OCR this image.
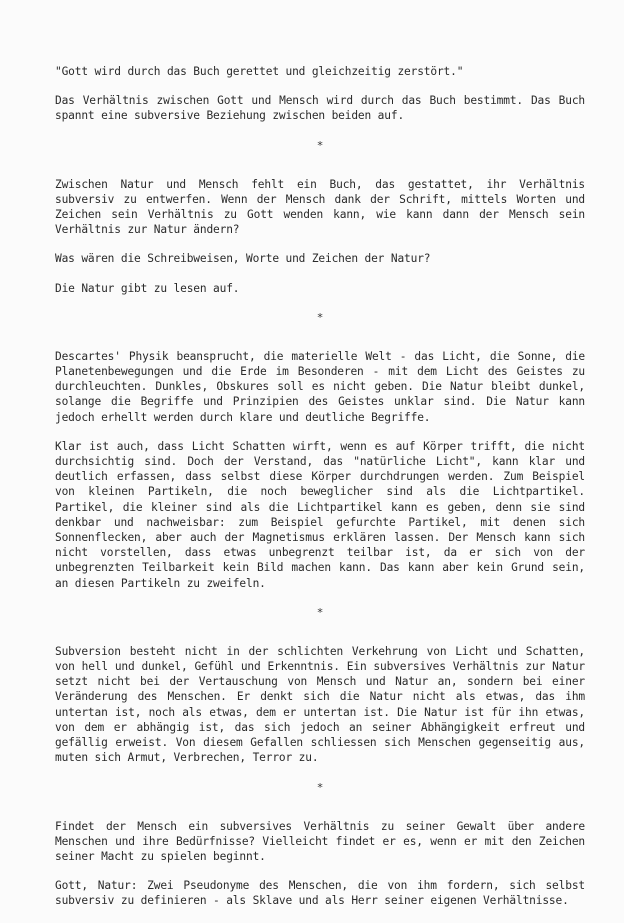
"Gott wird durch das Buch gerettet und gleichzeitig zerstört."

Das Verhältnis zwischen Gott und Mensch wird durch das Buch bestimmt. Das Buch spannt eine subversive Beziehung zwischen beiden auf.

*

Zwischen Natur und Mensch fehlt ein Buch, das gestattet, ihr Verhältnis subversiv zu entwerfen. Wenn der Mensch dank der Schrift, mittels Worten und Zeichen sein Verhältnis zu Gott wenden kann, wie kann dann der Mensch sein Verhältnis zur Natur ändern?

Was wären die Schreibweisen, Worte und Zeichen der Natur?

Die Natur gibt zu lesen auf.

*

Descartes' Physik beansprucht, die materielle Welt - das Licht, die Sonne, die Planetenbewegungen und die Erde im Besonderen - mit dem Licht des Geistes zu durchleuchten. Dunkles, Obskures soll es nicht geben. Die Natur bleibt dunkel, solange die Begriffe und Prinzipien des Geistes unklar sind. Die Natur kann jedoch erhellt werden durch klare und deutliche Begriffe.

Klar ist auch, dass Licht Schatten wirft, wenn es auf Körper trifft, die nicht durchsichtig sind. Doch der Verstand, das "natürliche Licht", kann klar und deutlich erfassen, dass selbst diese Körper durchdrungen werden. Zum Beispiel von kleinen Partikeln, die noch beweglicher sind als die Lichtpartikel. Partikel, die kleiner sind als die Lichtpartikel kann es geben, denn sie sind denkbar und nachweisbar: zum Beispiel gefurchte Partikel, mit denen sich Sonnenflecken, aber auch der Magnetismus erklären lassen. Der Mensch kann sich nicht vorstellen, dass etwas unbegrenzt teilbar ist, da er sich von der unbegrenzten Teilbarkeit kein Bild machen kann. Das kann aber kein Grund sein, an diesen Partikeln zu zweifeln.

*

Subversion besteht nicht in der schlichten Verkehrung von Licht und Schatten, von hell und dunkel, Gefühl und Erkenntnis. Ein subversives Verhältnis zur Natur setzt nicht bei der Vertauschung von Mensch und Natur an, sondern bei einer Veränderung des Menschen. Er denkt sich die Natur nicht als etwas, das ihm untertan ist, noch als etwas, dem er untertan ist. Die Natur ist für ihn etwas, von dem er abhängig ist, das sich jedoch an seiner Abhängigkeit erfreut und gefällig erweist. Von diesem Gefallen schliessen sich Menschen gegenseitig aus, muten sich Armut, Verbrechen, Terror zu.

*

Findet der Mensch ein subversives Verhältnis zu seiner Gewalt über andere Menschen und ihre Bedürfnisse? Vielleicht findet er es, wenn er mit den Zeichen seiner Macht zu spielen beginnt.

Gott, Natur: Zwei Pseudonyme des Menschen, die von ihm fordern, sich selbst subversiv zu definieren - als Sklave und als Herr seiner eigenen Verhältnisse.
